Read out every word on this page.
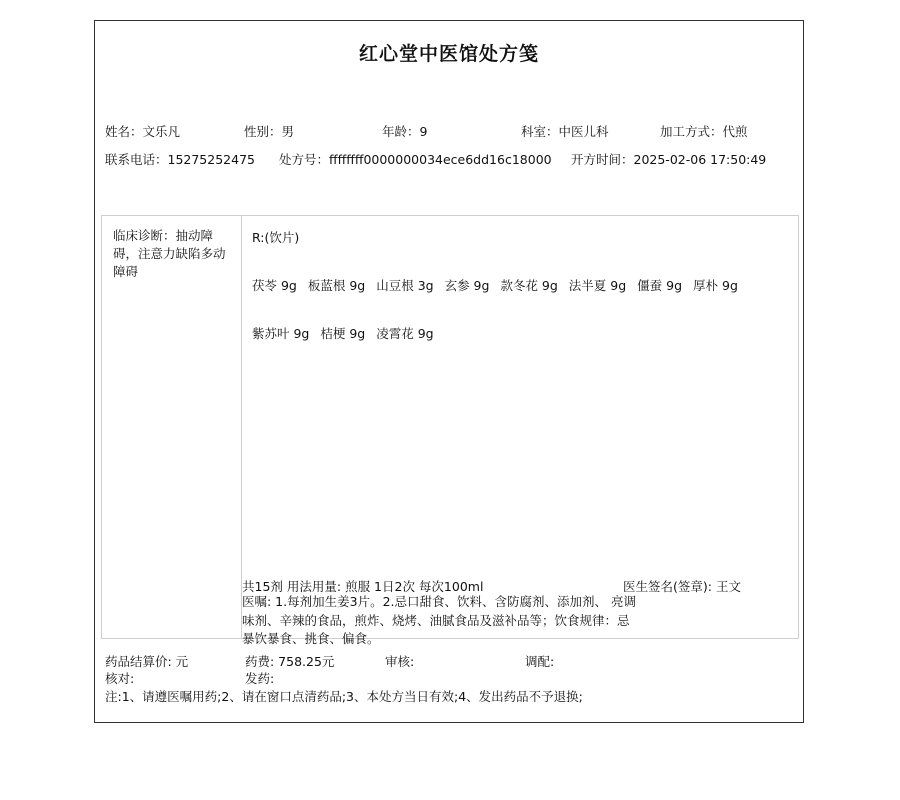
红心堂中医馆处方笺
姓名：文乐凡	性别：男	年龄：9	科室：中医儿科	加工方式：代煎
联系电话：15275252475 处方号：ffffffff0000000034ece6dd16c18000 开方时间：2025-02-06 17:50:49
临床诊断：抽动障碍，注意力缺陷多动障碍
R:(饮片)
茯苓 9g 板蓝根 9g 山豆根 3g 玄参 9g 款冬花 9g 法半夏 9g 僵蚕 9g 厚朴 9g
紫苏叶 9g 桔梗 9g 凌霄花 9g
共15剂 用法用量: 煎服 1日2次 每次100ml	医生签名(签章): 王文
医嘱: 1.每剂加生姜3片。2.忌口甜食、饮料、含防腐剂、添加剂、 亮调味剂、辛辣的食品，煎炸、烧烤、油腻食品及滋补品等；饮食规律：忌暴饮暴食、挑食、偏食。
药品结算价: 元	药费: 758.25元	审核:	调配:
核对:	发药:
注:1、请遵医嘱用药;2、请在窗口点清药品;3、本处方当日有效;4、发出药品不予退换;
